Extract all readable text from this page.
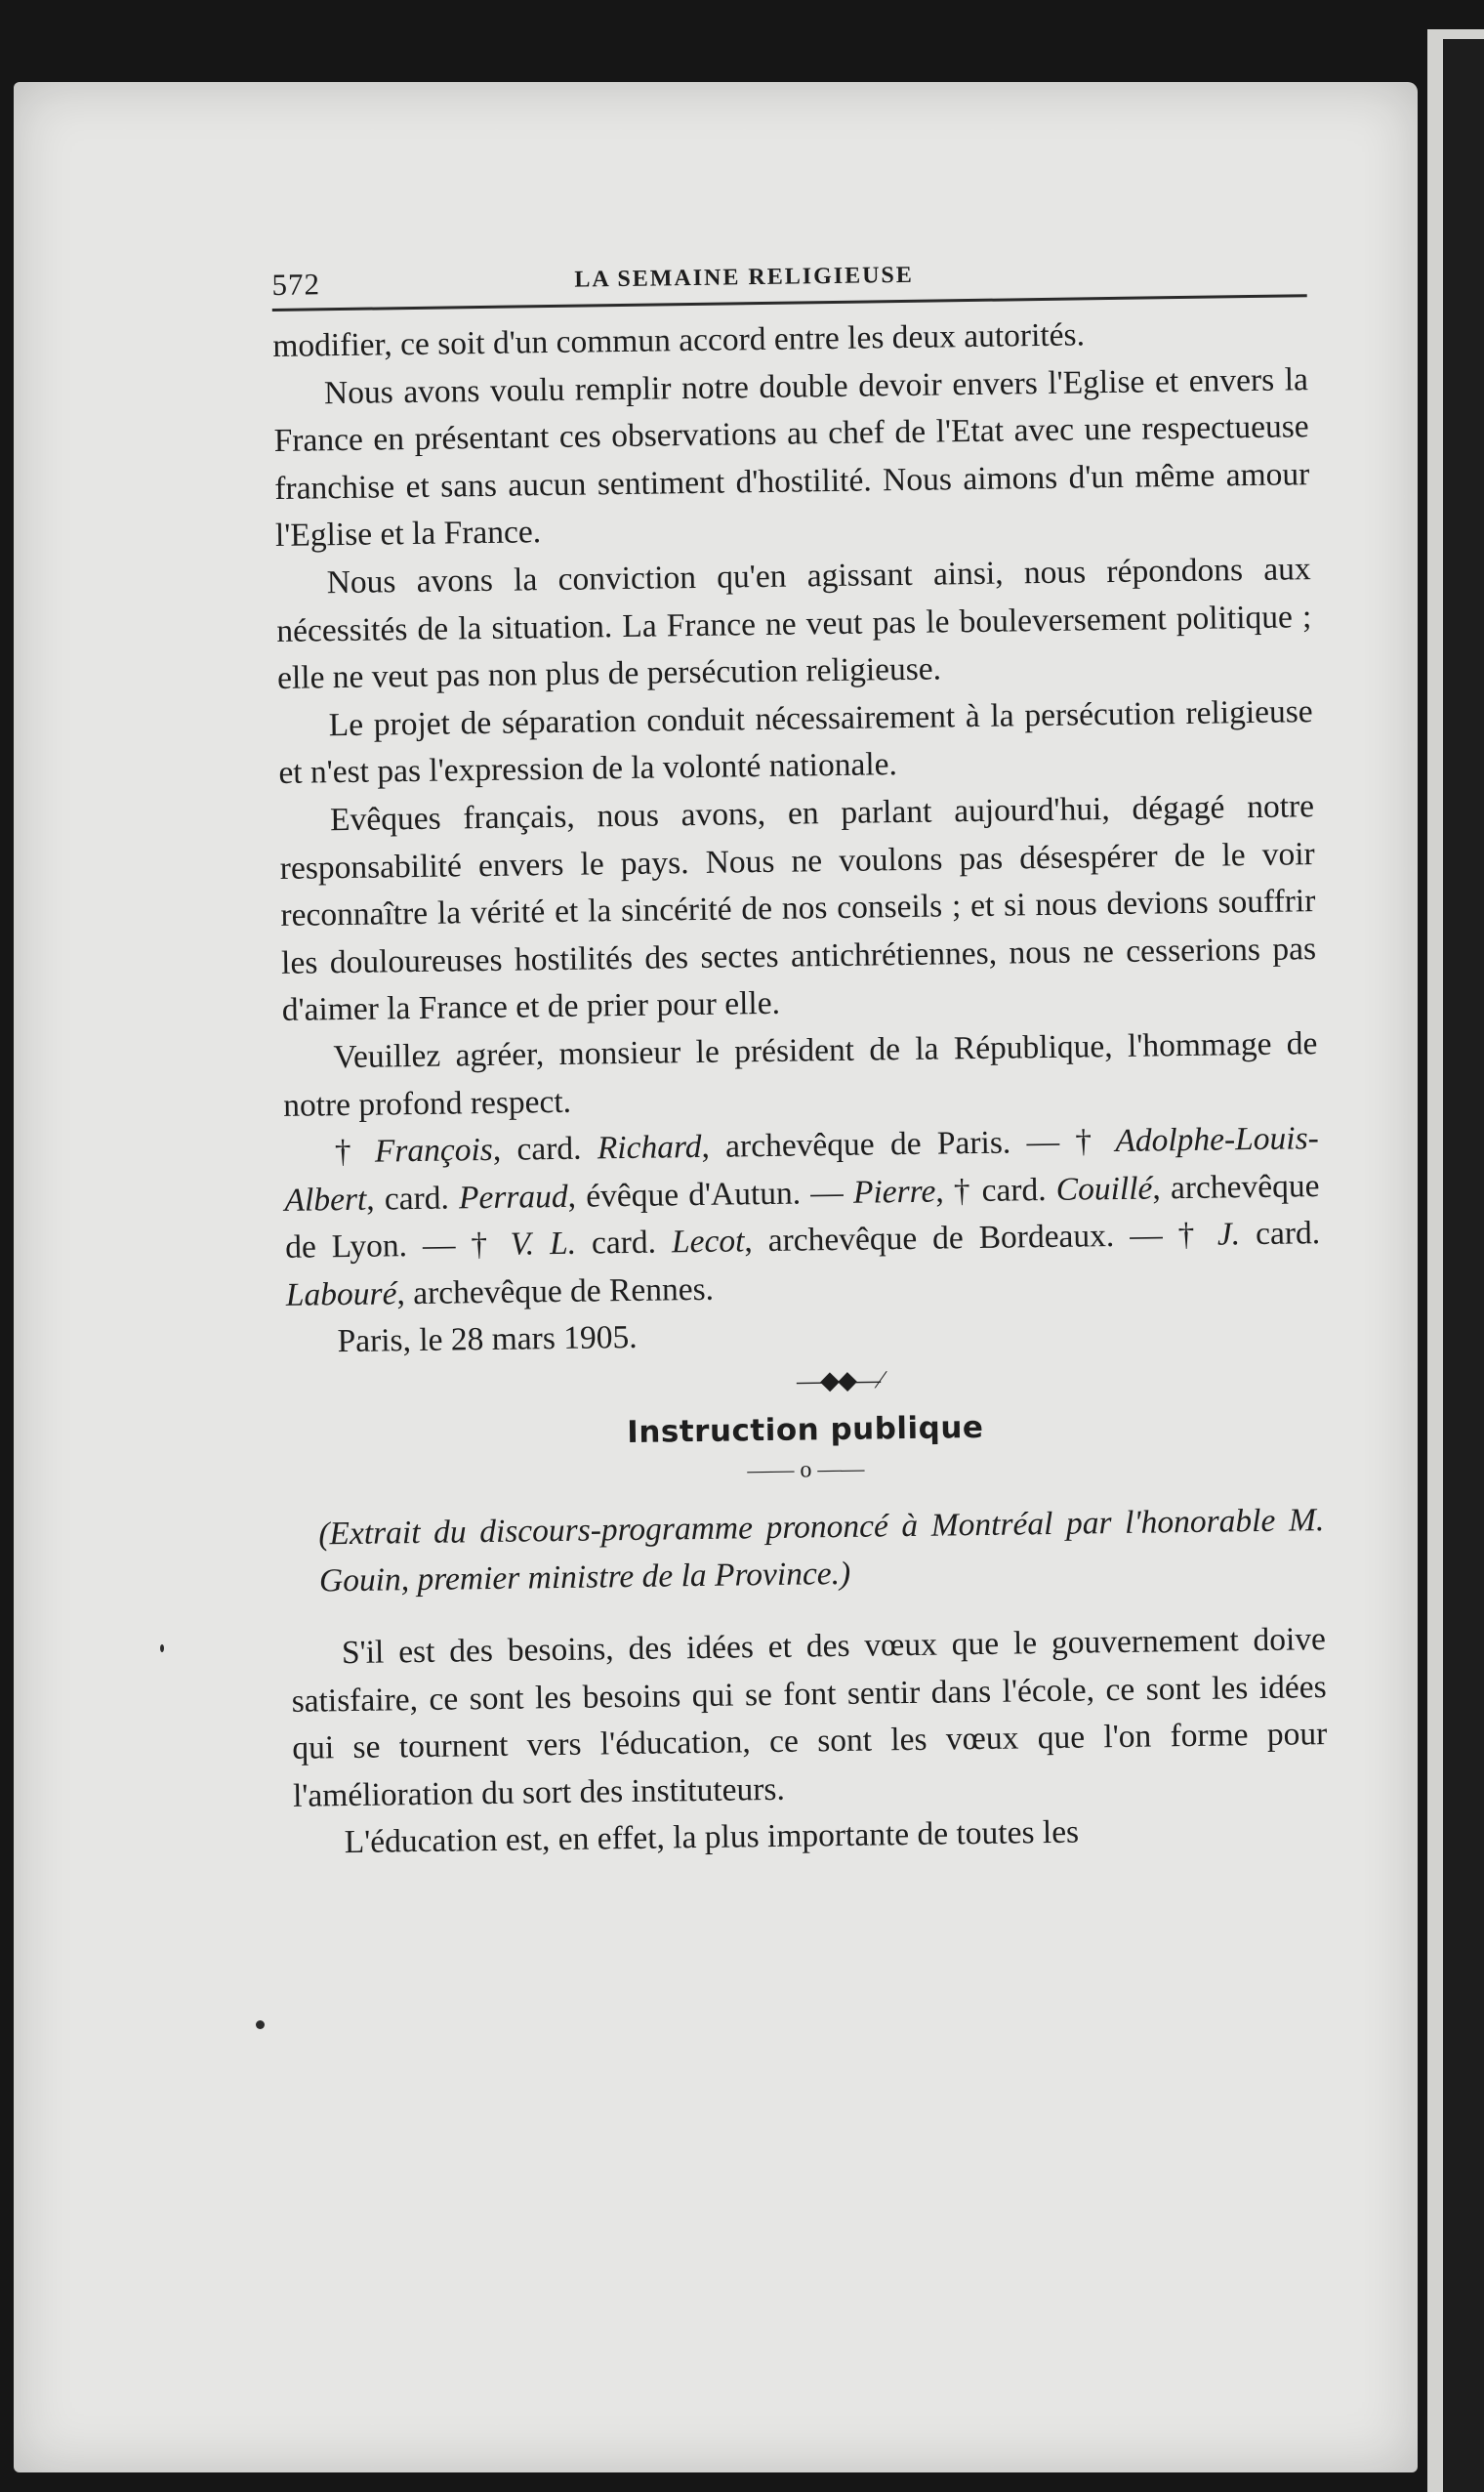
572	LA SEMAINE RELIGIEUSE

modifier, ce soit d'un commun accord entre les deux autorités.

Nous avons voulu remplir notre double devoir envers l'Eglise et envers la France en présentant ces observations au chef de l'Etat avec une respectueuse franchise et sans aucun sentiment d'hostilité. Nous aimons d'un même amour l'Eglise et la France.

Nous avons la conviction qu'en agissant ainsi, nous répondons aux nécessités de la situation. La France ne veut pas le bouleversement politique ; elle ne veut pas non plus de persécution religieuse.

Le projet de séparation conduit nécessairement à la persécution religieuse et n'est pas l'expression de la volonté nationale.

Evêques français, nous avons, en parlant aujourd'hui, dégagé notre responsabilité envers le pays. Nous ne voulons pas désespérer de le voir reconnaître la vérité et la sincérité de nos conseils ; et si nous devions souffrir les douloureuses hostilités des sectes antichrétiennes, nous ne cesserions pas d'aimer la France et de prier pour elle.

Veuillez agréer, monsieur le président de la République, l'hommage de notre profond respect.

† François, card. Richard, archevêque de Paris. — † Adolphe-Louis-Albert, card. Perraud, évêque d'Autun. — Pierre, † card. Couillé, archevêque de Lyon. — † V. L. card. Lecot, archevêque de Bordeaux. — † J. card. Labouré, archevêque de Rennes.

Paris, le 28 mars 1905.
—◆◆—⁄
Instruction publique
—— o ——

(Extrait du discours-programme prononcé à Montréal par l'honorable M. Gouin, premier ministre de la Province.)

S'il est des besoins, des idées et des vœux que le gouvernement doive satisfaire, ce sont les besoins qui se font sentir dans l'école, ce sont les idées qui se tournent vers l'éducation, ce sont les vœux que l'on forme pour l'amélioration du sort des instituteurs.

L'éducation est, en effet, la plus importante de toutes les
